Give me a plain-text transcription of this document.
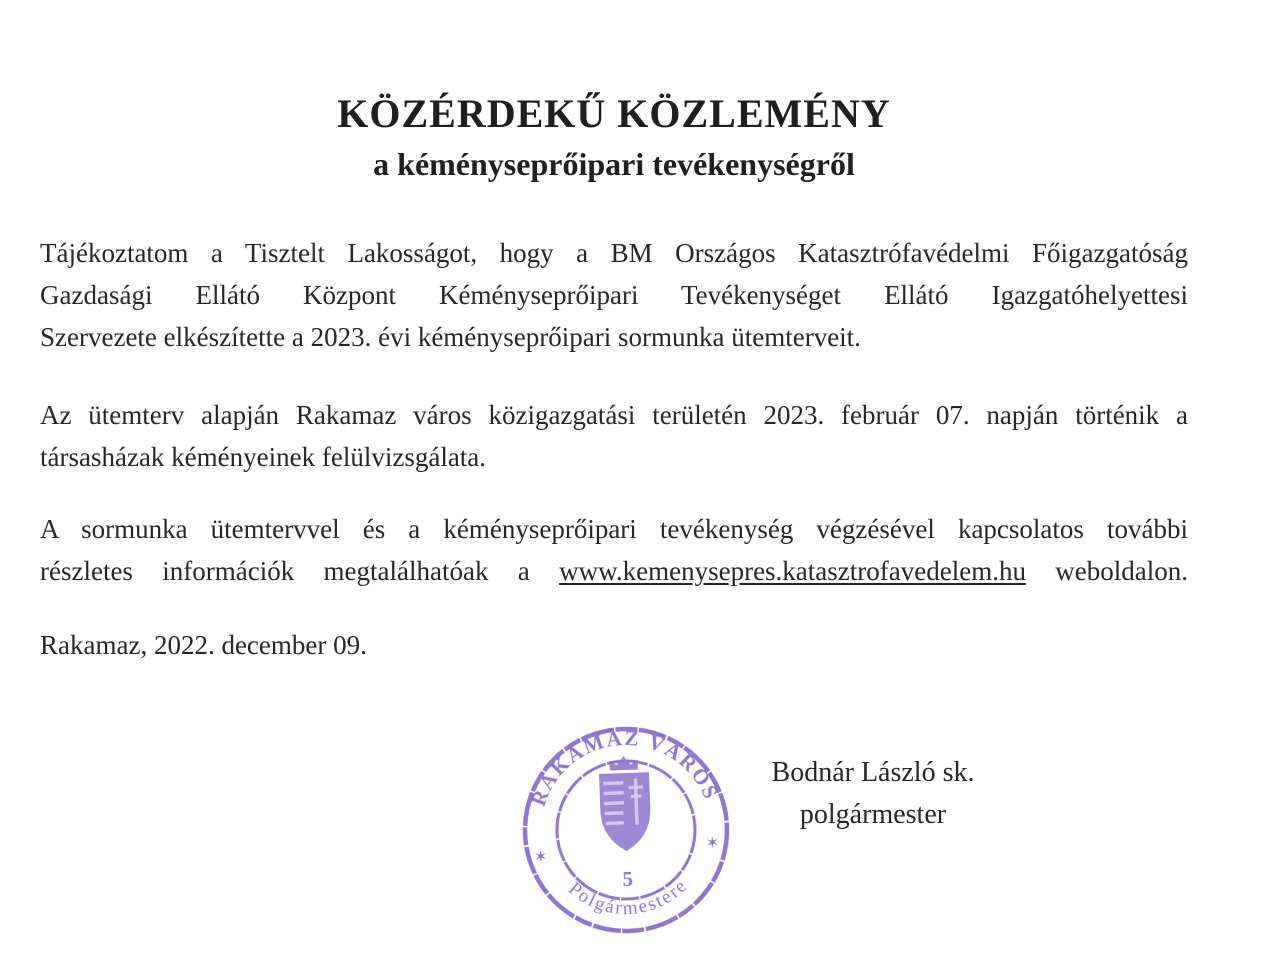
KÖZÉRDEKŰ KÖZLEMÉNY
a kéményseprőipari tevékenységről
Tájékoztatom a Tisztelt Lakosságot, hogy a BM Országos Katasztrófavédelmi Főigazgatóság
Gazdasági Ellátó Központ Kéményseprőipari Tevékenységet Ellátó Igazgatóhelyettesi
Szervezete elkészítette a 2023. évi kéményseprőipari sormunka ütemterveit.
Az ütemterv alapján Rakamaz város közigazgatási területén 2023. február 07. napján történik a
társasházak kéményeinek felülvizsgálata.
A sormunka ütemtervvel és a kéményseprőipari tevékenység végzésével kapcsolatos további
részletes információk megtalálhatóak a www.kemenysepres.katasztrofavedelem.hu weboldalon.
Rakamaz, 2022. december 09.
Bodnár László sk.
polgármester
RAKAMAZ VÁROS
Polgármestere
✶
✶
5
